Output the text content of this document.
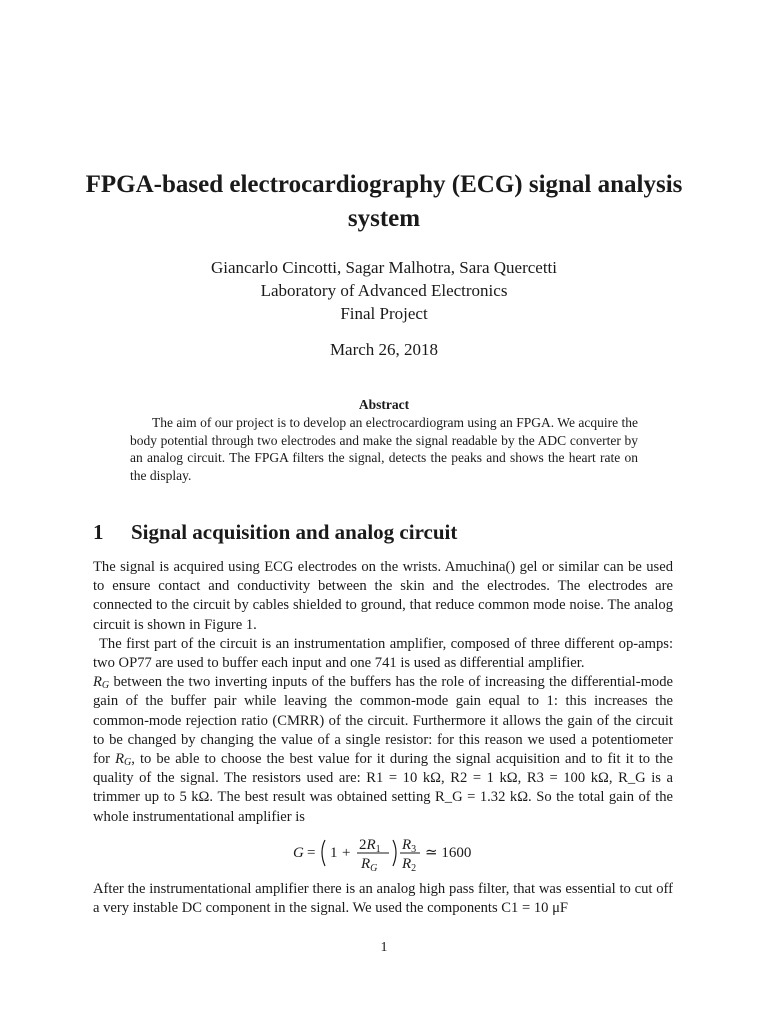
FPGA-based electrocardiography (ECG) signal analysis system
Giancarlo Cincotti, Sagar Malhotra, Sara Quercetti
Laboratory of Advanced Electronics
Final Project
March 26, 2018
Abstract
The aim of our project is to develop an electrocardiogram using an FPGA. We acquire the body potential through two electrodes and make the signal readable by the ADC converter by an analog circuit. The FPGA filters the signal, detects the peaks and shows the heart rate on the display.
1 Signal acquisition and analog circuit

The signal is acquired using ECG electrodes on the wrists. Amuchina() gel or similar can be used to ensure contact and conductivity between the skin and the electrodes. The electrodes are connected to the circuit by cables shielded to ground, that reduce common mode noise. The analog circuit is shown in Figure 1.

The first part of the circuit is an instrumentation amplifier, composed of three different op-amps: two OP77 are used to buffer each input and one 741 is used as differential amplifier.
$R_G$ between the two inverting inputs of the buffers has the role of increasing the differential-mode gain of the buffer pair while leaving the common-mode gain equal to 1: this increases the common-mode rejection ratio (CMRR) of the circuit. Furthermore it allows the gain of the circuit to be changed by changing the value of a single resistor: for this reason we used a potentiometer for $R_G$, to be able to choose the best value for it during the signal acquisition and to fit it to the quality of the signal. The resistors used are: R1 = 10 kΩ, R2 = 1 kΩ, R3 = 100 kΩ, R_G is a trimmer up to 5 kΩ. The best result was obtained setting R_G = 1.32 kΩ. So the total gain of the whole instrumentational amplifier is

G = (1 + 2R1/RG) R3/R2 ≃ 1600
$G = 1 + 2R_1$
$R_G$
$R_3$
$R_2$
≃ 1600
After the instrumentational amplifier there is an analog high pass filter, that was essential to cut off a very instable DC component in the signal. We used the components C1 = 10 μF
1
